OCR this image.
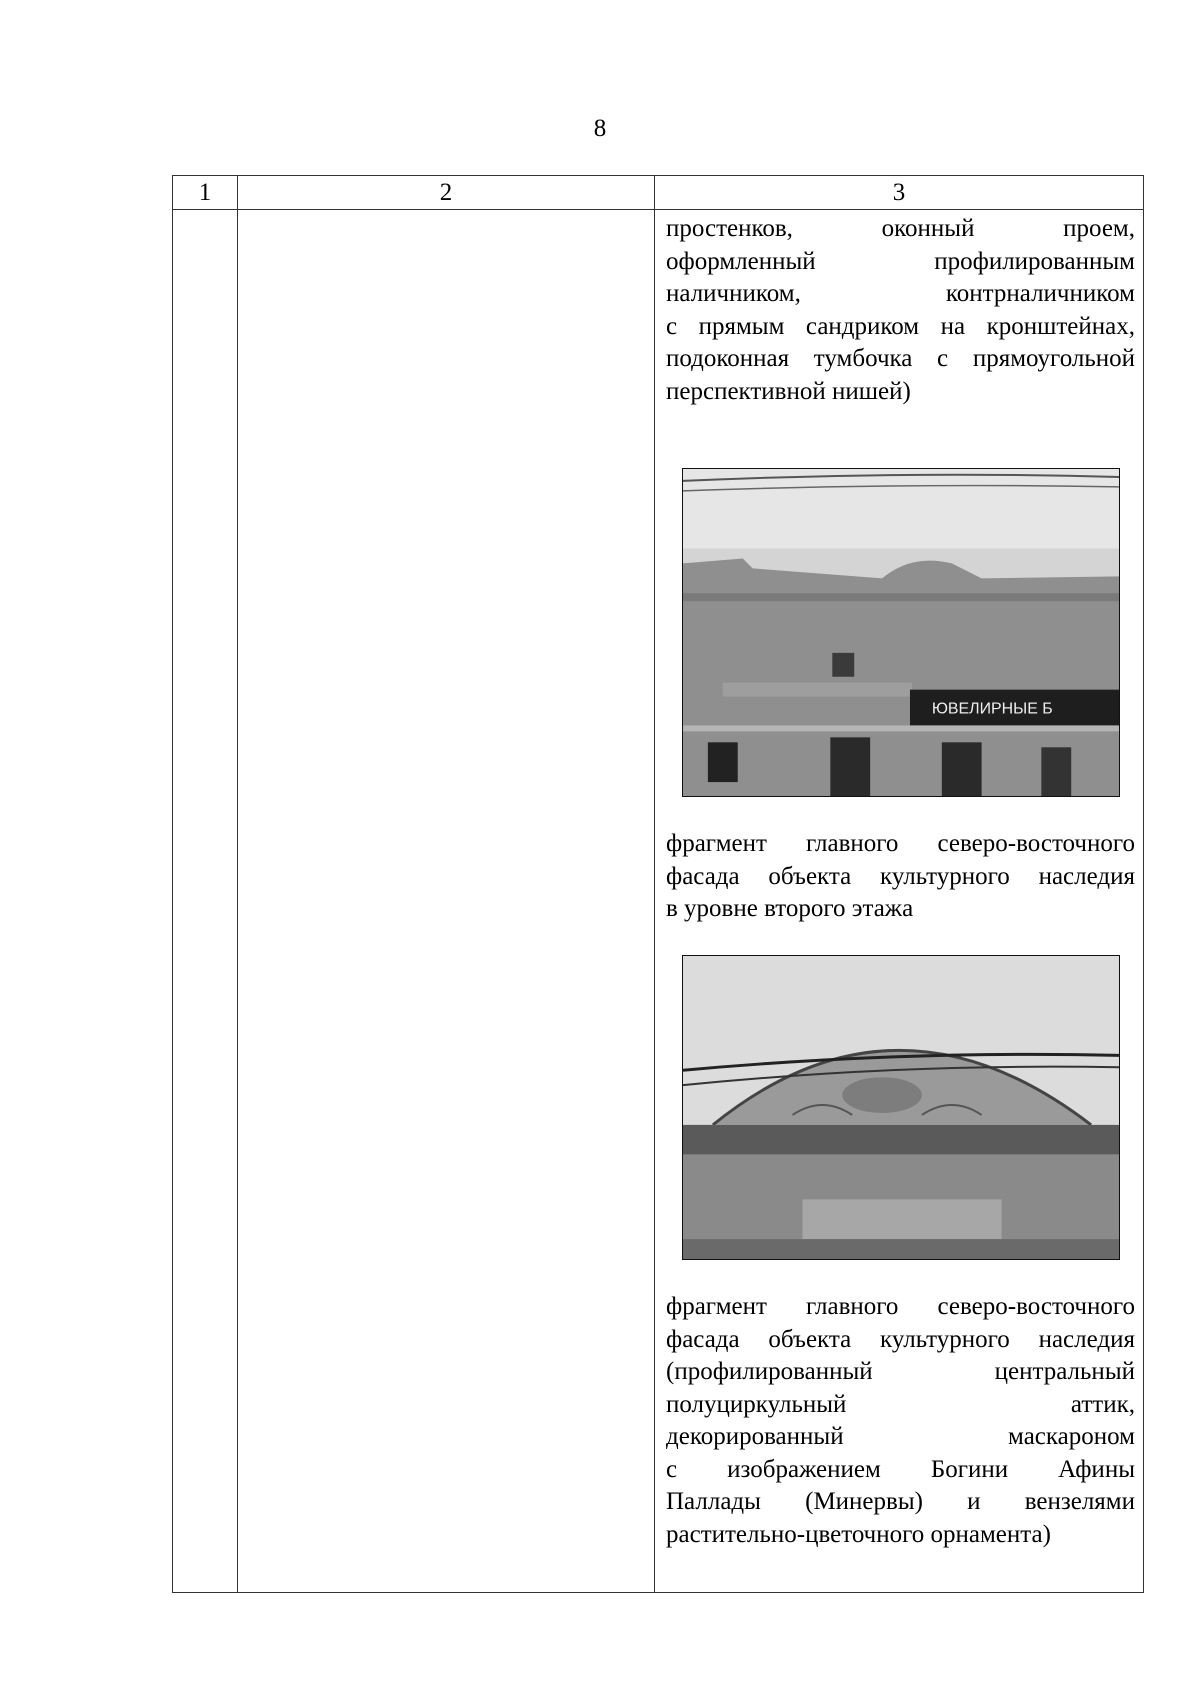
8
1	2	3
простенков, оконный проем,
оформленный профилированным
наличником, контрналичником
с прямым сандриком на кронштейнах,
подоконная тумбочка с прямоугольной
перспективной нишей)
ЮВЕЛИРНЫЕ Б
фрагмент главного северо-восточного
фасада объекта культурного наследия
в уровне второго этажа
фрагмент главного северо-восточного
фасада объекта культурного наследия
(профилированный центральный
полуциркульный аттик,
декорированный маскароном
с изображением Богини Афины
Паллады (Минервы) и вензелями
растительно-цветочного орнамента)
